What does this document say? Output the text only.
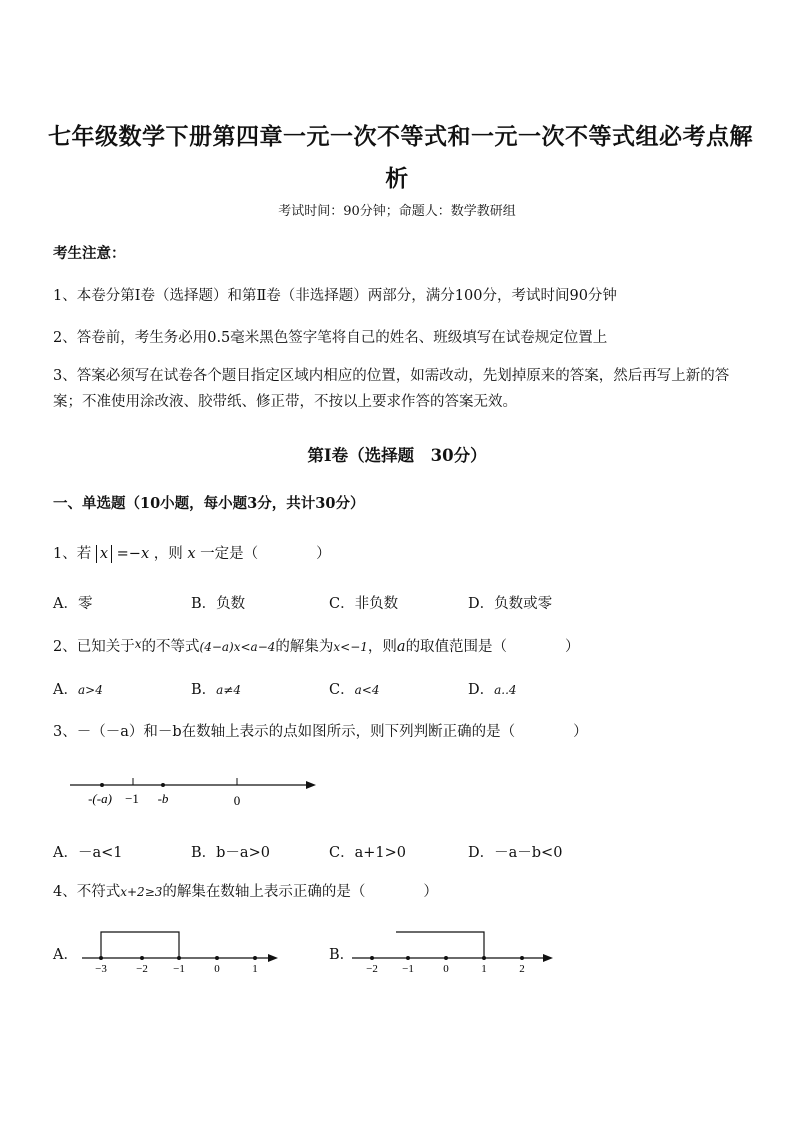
七年级数学下册第四章一元一次不等式和一元一次不等式组必考点解
析
考试时间：90分钟；命题人：数学教研组
考生注意：
1、本卷分第Ⅰ卷（选择题）和第Ⅱ卷（非选择题）两部分，满分100分，考试时间90分钟
2、答卷前，考生务必用0.5毫米黑色签字笔将自己的姓名、班级填写在试卷规定位置上
3、答案必须写在试卷各个题目指定区域内相应的位置，如需改动，先划掉原来的答案，然后再写上新的答案；不准使用涂改液、胶带纸、修正带，不按以上要求作答的答案无效。
第Ⅰ卷（选择题　30分）
一、单选题（10小题，每小题3分，共计30分）
1、若 x =−x ，则 x 一定是（　　　　）
A．零	B．负数	C．非负数	D．负数或零
2、已知关于$^x$的不等式(4−a)x<a−4的解集为x<−1，则a的取值范围是（　　　　）
A．a>4	B．a≠4	C．a<4	D．a..4
3、－（－a）和－b在数轴上表示的点如图所示，则下列判断正确的是（　　　　）
-(-a) −1 -b	0
A．－a<1	B．b－a>0	C．a+1>0	D．－a－b<0
4、不符式x+2≥3的解集在数轴上表示正确的是（　　　　）
A．
−3	−2 −1	0	1
B．
−2 −1	0	1	2
